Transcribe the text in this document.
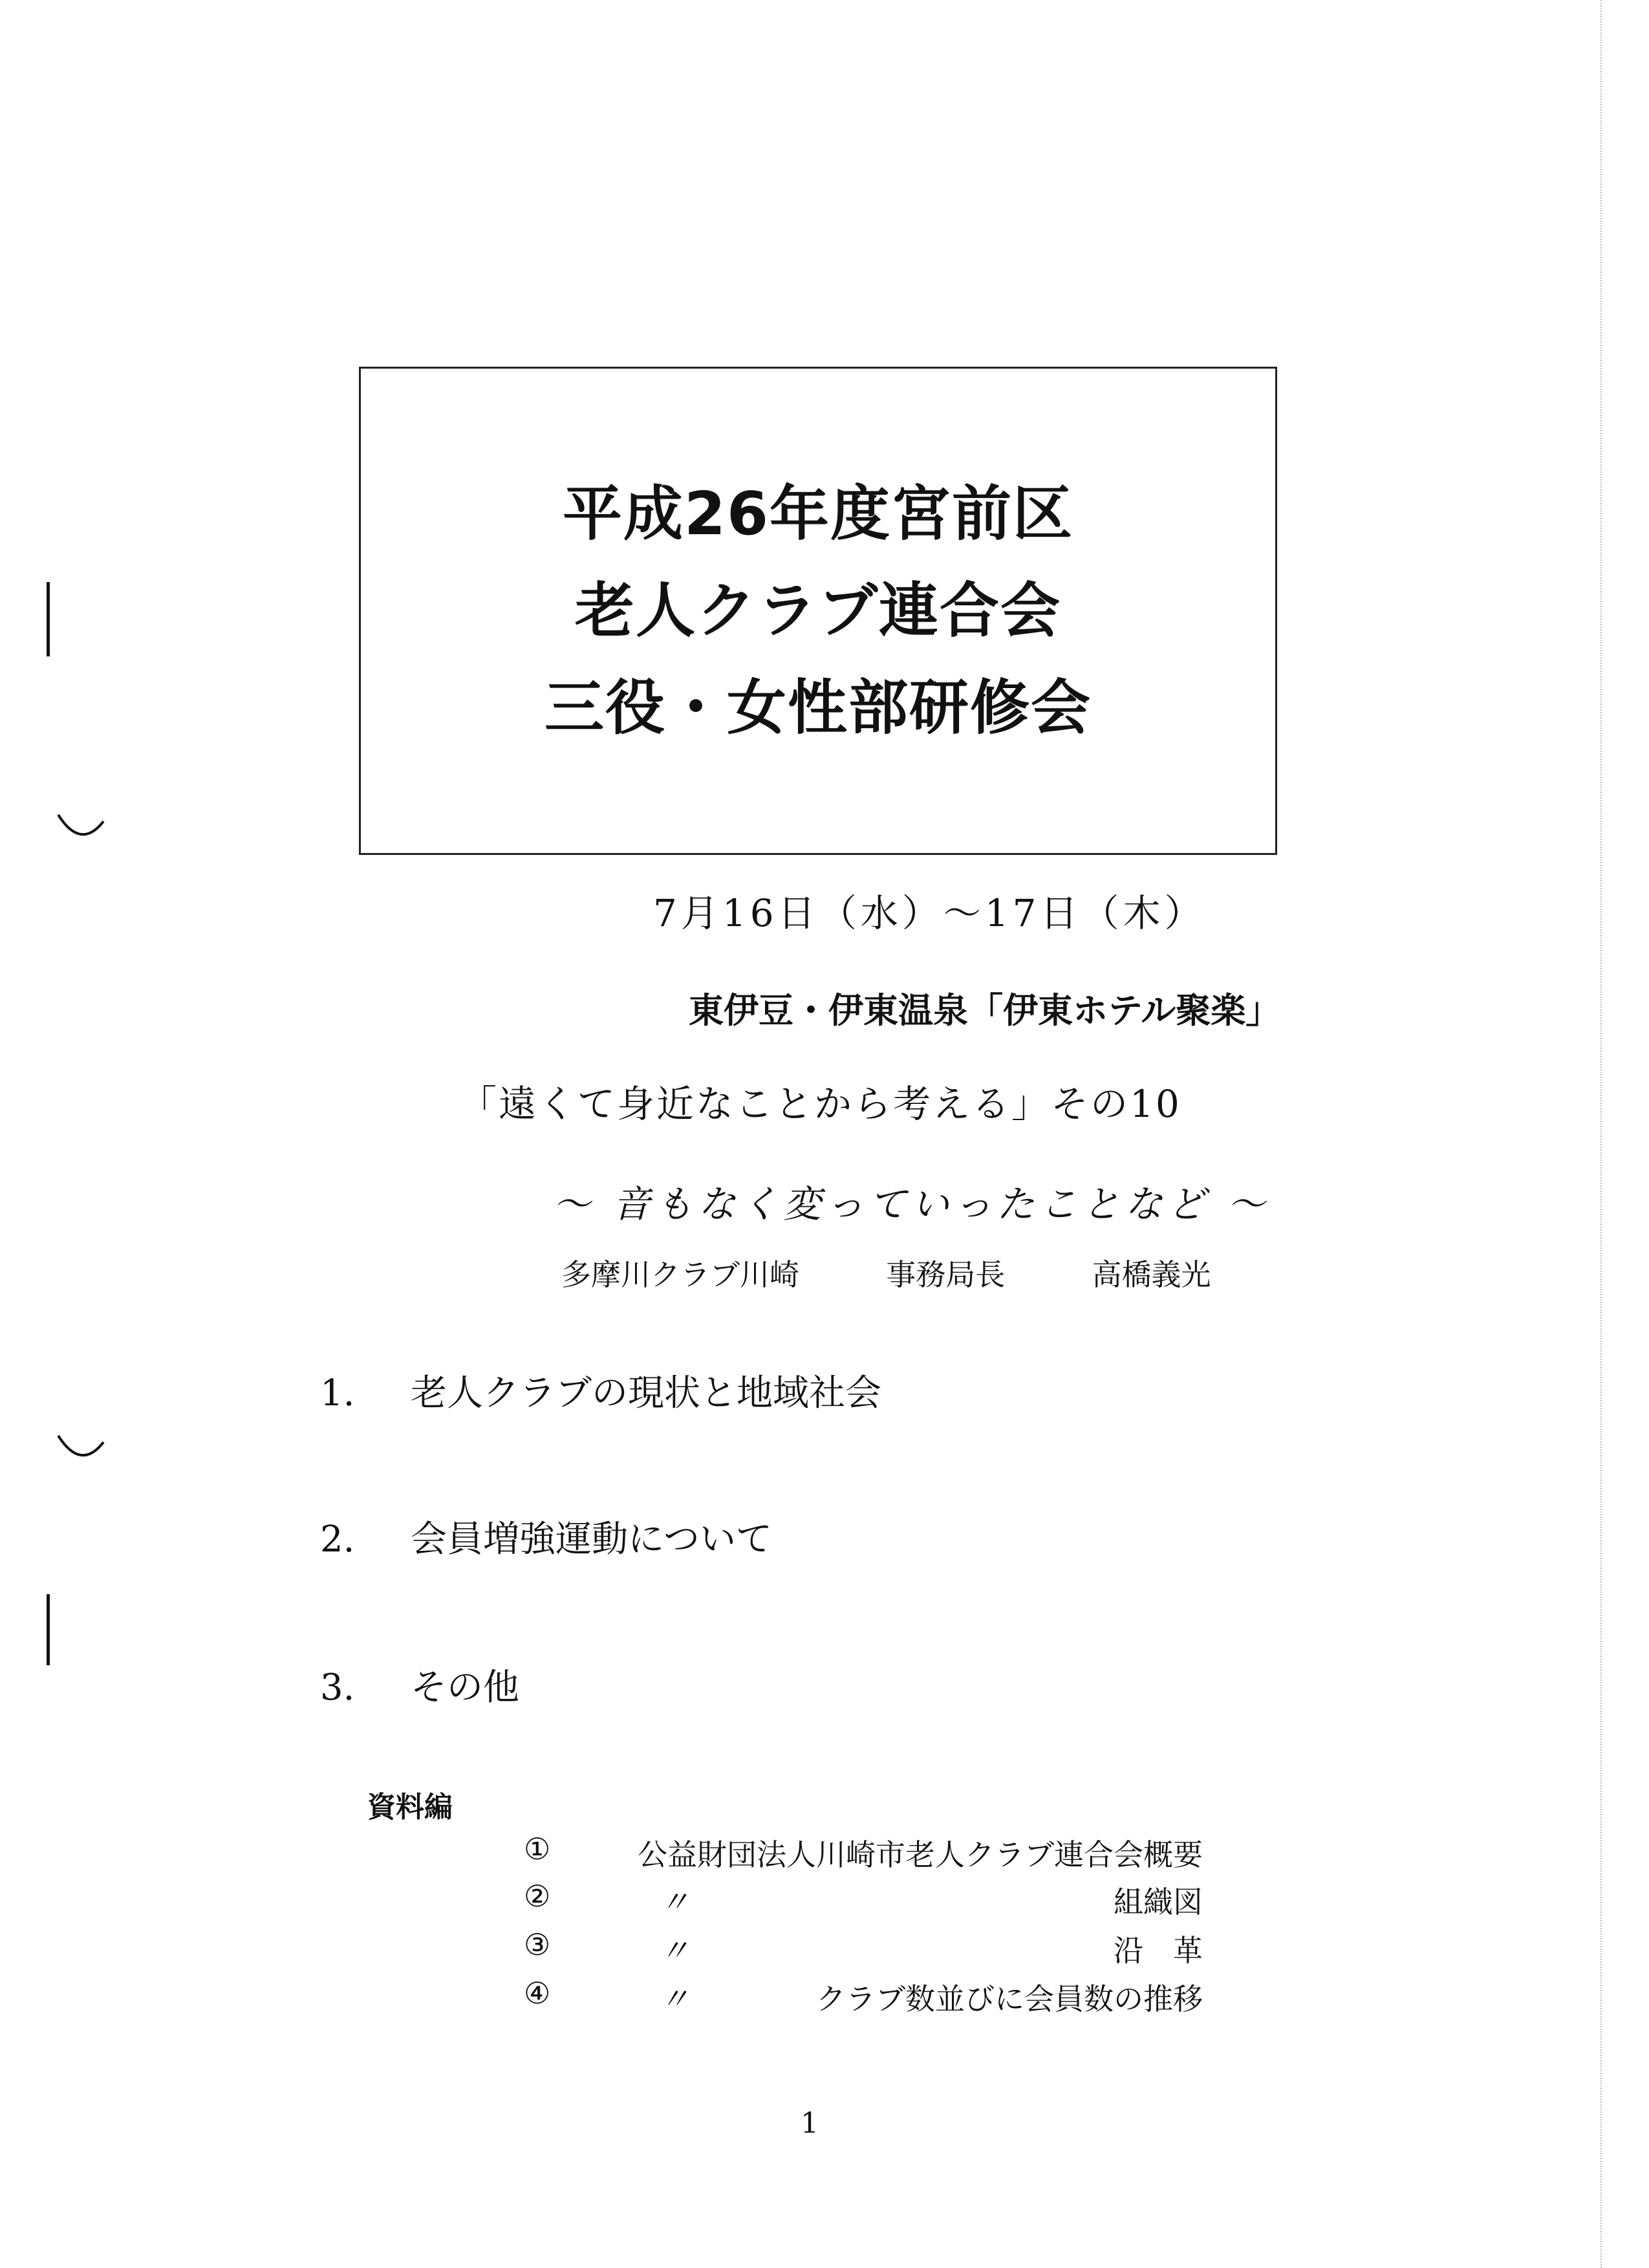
平成26年度宮前区
老人クラブ連合会
三役・女性部研修会
7月16日（水）～17日（木）
東伊豆・伊東温泉「伊東ホテル聚楽」
「遠くて身近なことから考える」その10
～ 音もなく変っていったことなど ～
多摩川クラブ川崎	事務局長	高橋義光
1. 老人クラブの現状と地域社会
2. 会員増強運動について
3. その他
資料編
①	公益財団法人川崎市老人クラブ連合会概要
②	〃	組織図
③	〃	沿　革
④	〃	クラブ数並びに会員数の推移
1
